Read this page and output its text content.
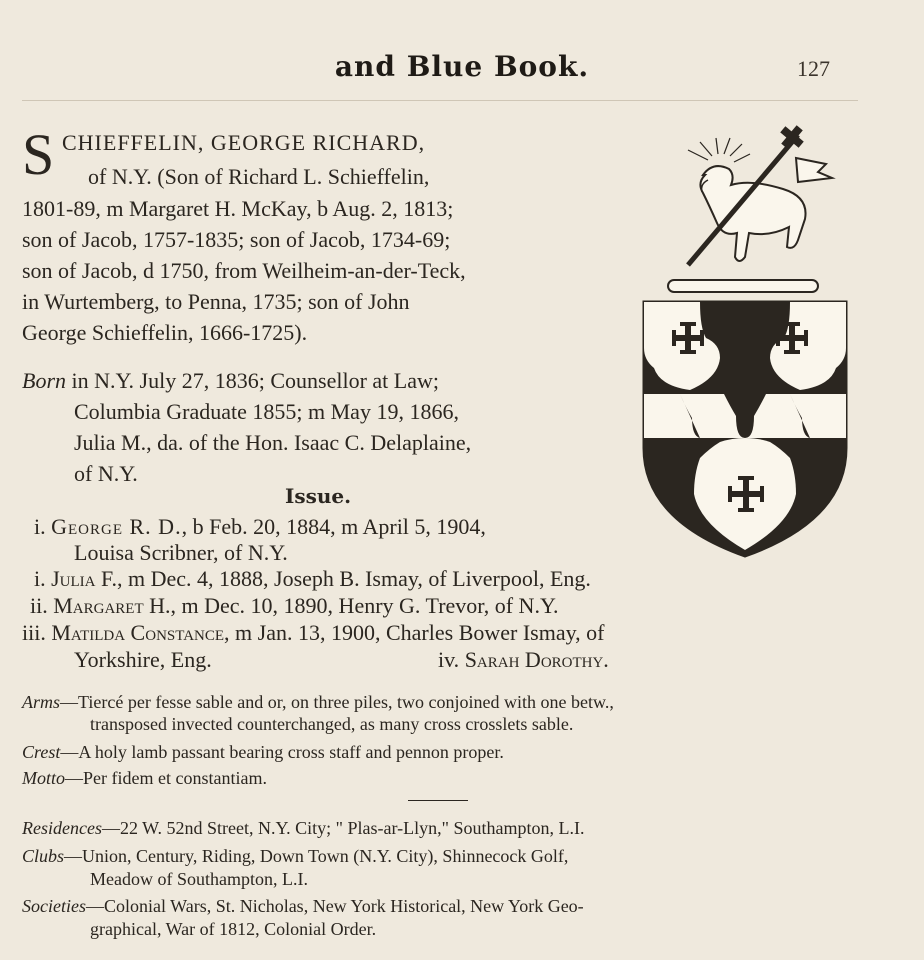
and Blue Book.	127
S CHIEFFELIN, GEORGE RICHARD,
of N.Y. (Son of Richard L. Schieffelin,
1801-89, m Margaret H. McKay, b Aug. 2, 1813;
son of Jacob, 1757-1835; son of Jacob, 1734-69;
son of Jacob, d 1750, from Weilheim-an-der-Teck,
in Wurtemberg, to Penna, 1735; son of John
George Schieffelin, 1666-1725).
Born in N.Y. July 27, 1836; Counsellor at Law;
Columbia Graduate 1855; m May 19, 1866,
Julia M., da. of the Hon. Isaac C. Delaplaine,
of N.Y.
Issue.
i. George R. D., b Feb. 20, 1884, m April 5, 1904,
Louisa Scribner, of N.Y.
i. Julia F., m Dec. 4, 1888, Joseph B. Ismay, of Liverpool, Eng.
ii. Margaret H., m Dec. 10, 1890, Henry G. Trevor, of N.Y.
iii. Matilda Constance, m Jan. 13, 1900, Charles Bower Ismay, of
Yorkshire, Eng.	iv. Sarah Dorothy.
Arms—Tiercé per fesse sable and or, on three piles, two conjoined with one betw.,
transposed invected counterchanged, as many cross crosslets sable.
Crest—A holy lamb passant bearing cross staff and pennon proper.
Motto—Per fidem et constantiam.
Residences—22 W. 52nd Street, N.Y. City; " Plas-ar-Llyn," Southampton, L.I.
Clubs—Union, Century, Riding, Down Town (N.Y. City), Shinnecock Golf,
Meadow of Southampton, L.I.
Societies—Colonial Wars, St. Nicholas, New York Historical, New York Geo-
graphical, War of 1812, Colonial Order.
